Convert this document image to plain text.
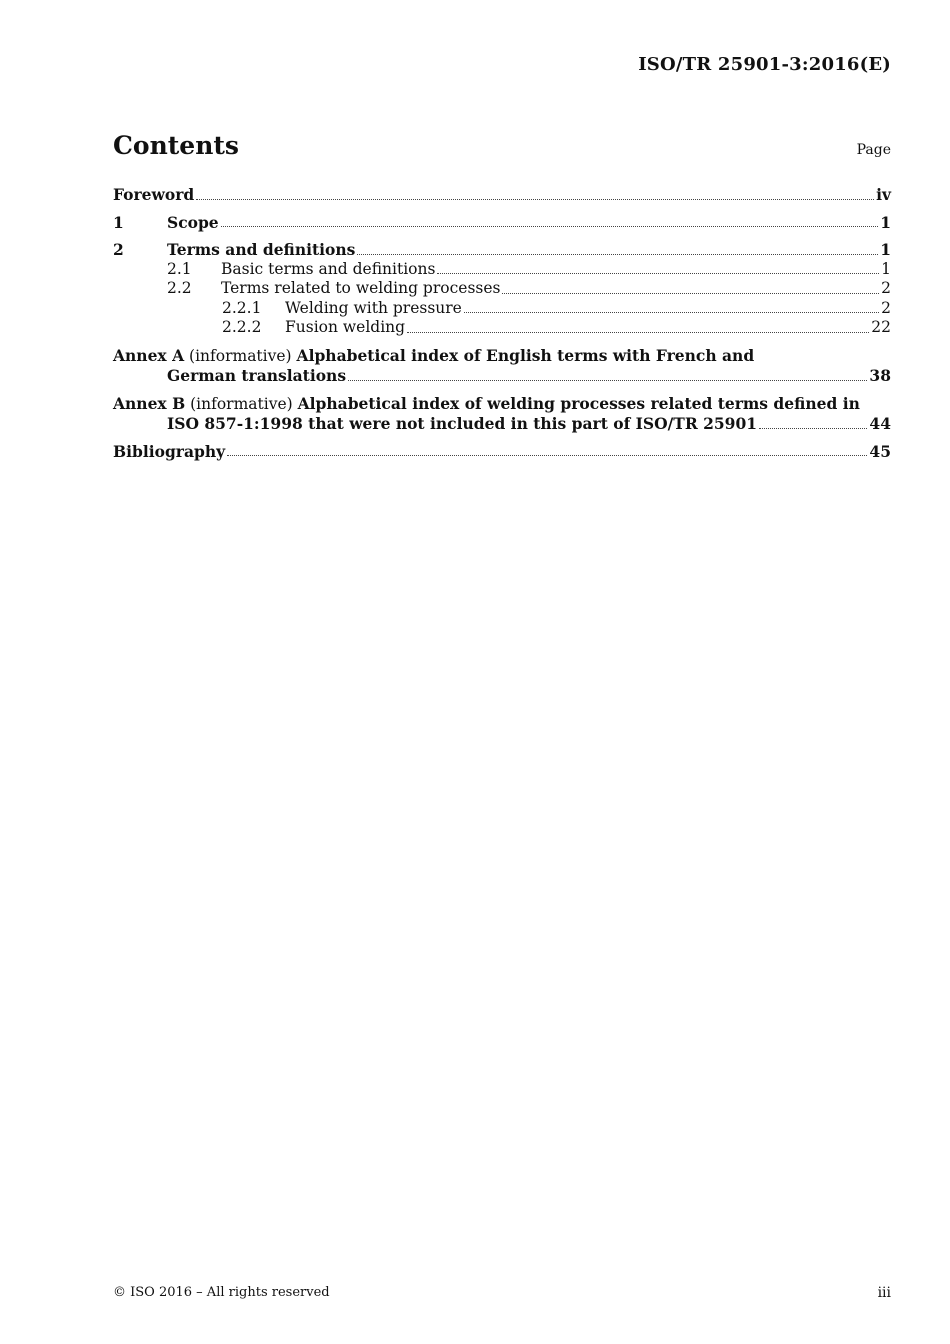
ISO/TR 25901-3:2016(E)
Contents	Page
Foreword	iv
1	Scope	1
2	Terms and definitions	1
2.1	Basic terms and definitions	1
2.2	Terms related to welding processes	2
2.2.1	Welding with pressure	2
2.2.2	Fusion welding	22
Annex A (informative) Alphabetical index of English terms with French and
German translations	38
Annex B (informative) Alphabetical index of welding processes related terms defined in
ISO 857-1:1998 that were not included in this part of ISO/TR 25901	44
Bibliography	45
© ISO 2016 – All rights reserved	iii
